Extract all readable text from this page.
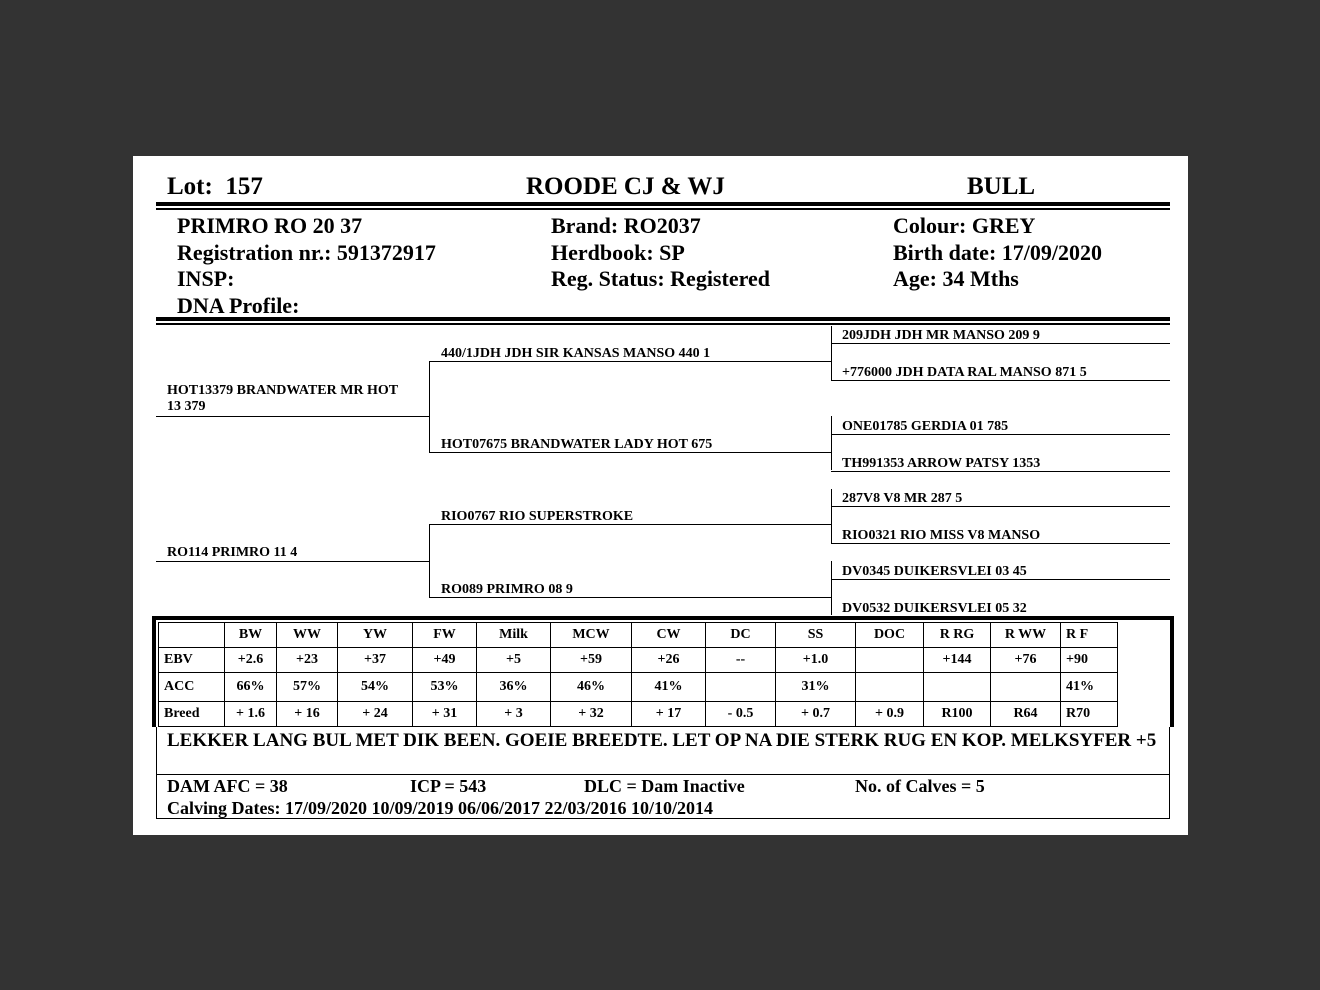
Lot: 157	ROODE CJ & WJ	BULL
PRIMRO RO 20 37
Registration nr.: 591372917
INSP:
DNA Profile:
Brand: RO2037
Herdbook: SP
Reg. Status: Registered
Colour: GREY
Birth date: 17/09/2020
Age: 34 Mths
HOT13379 BRANDWATER MR HOT 13 379
RO114 PRIMRO 11 4
440/1JDH JDH SIR KANSAS MANSO 440 1
HOT07675 BRANDWATER LADY HOT 675
RIO0767 RIO SUPERSTROKE
RO089 PRIMRO 08 9
209JDH JDH MR MANSO 209 9
+776000 JDH DATA RAL MANSO 871 5
ONE01785 GERDIA 01 785
TH991353 ARROW PATSY 1353
287V8 V8 MR 287 5
RIO0321 RIO MISS V8 MANSO
DV0345 DUIKERSVLEI 03 45
DV0532 DUIKERSVLEI 05 32
	BW	WW	YW	FW	Milk	MCW	CW	DC	SS	DOC	R RG	R WW	R F
EBV	+2.6	+23	+37	+49	+5	+59	+26	--	+1.0		+144	+76	+90
ACC	66%	57%	54%	53%	36%	46%	41%		31%				41%
Breed	+ 1.6	+ 16	+ 24	+ 31	+ 3	+ 32	+ 17	- 0.5	+ 0.7	+ 0.9	R100	R64	R70
LEKKER LANG BUL MET DIK BEEN. GOEIE BREEDTE. LET OP NA DIE STERK RUG EN KOP. MELKSYFER +5
DAM AFC = 38	ICP = 543	DLC = Dam Inactive	No. of Calves = 5
Calving Dates: 17/09/2020 10/09/2019 06/06/2017 22/03/2016 10/10/2014
